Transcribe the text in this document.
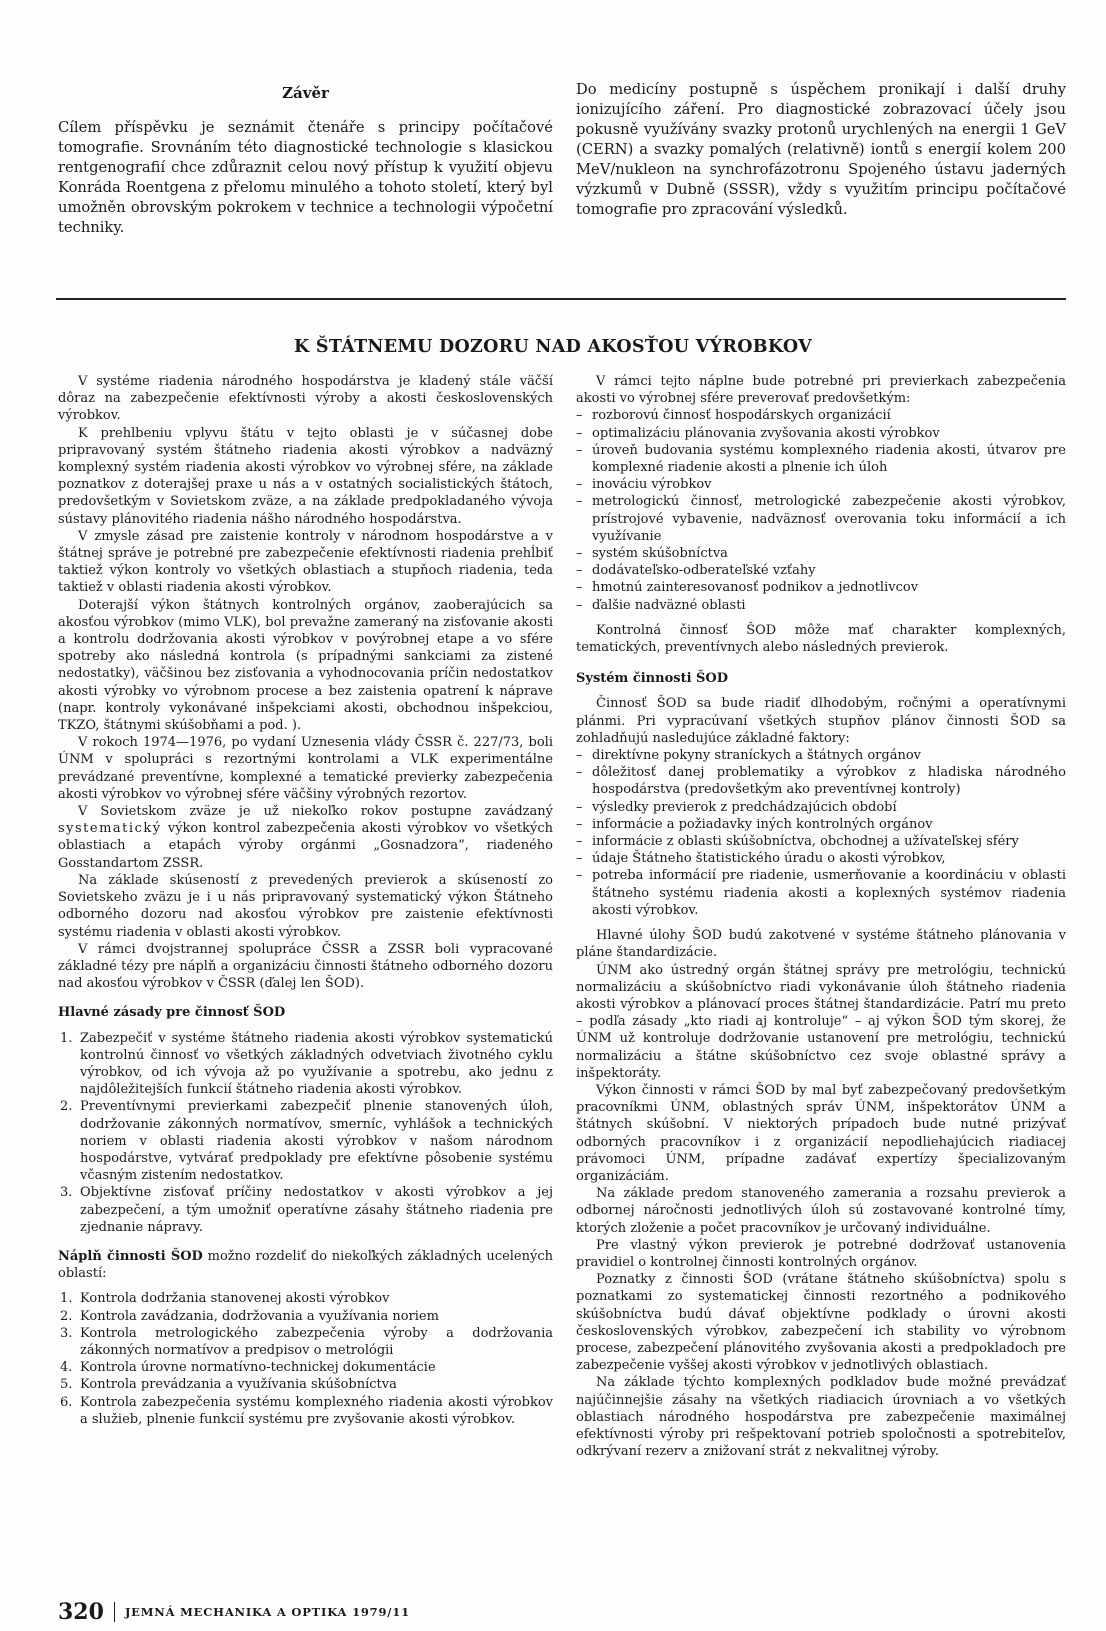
Závěr

Cílem příspěvku je seznámit čtenáře s principy počítačové tomografie. Srovnáním této diagnostické technologie s klasickou rentgenografií chce zdůraznit celou nový přístup k využití objevu Konráda Roentgena z přelomu minulého a tohoto století, který byl umožněn obrovským pokrokem v technice a technologii výpočetní techniky.

Do medicíny postupně s úspěchem pronikají i další druhy ionizujícího záření. Pro diagnostické zobrazovací účely jsou pokusně využívány svazky protonů urychlených na energii 1 GeV (CERN) a svazky pomalých (relativně) iontů s energií kolem 200 MeV/nukleon na synchrofázotronu Spojeného ústavu jaderných výzkumů v Dubně (SSSR), vždy s využitím principu počítačové tomografie pro zpracování výsledků.

K ŠTÁTNEMU DOZORU NAD AKOSŤOU VÝROBKOV

V systéme riadenia národného hospodárstva je kladený stále väčší dôraz na zabezpečenie efektívnosti výroby a akosti československých výrobkov.

K prehlbeniu vplyvu štátu v tejto oblasti je v súčasnej dobe pripravovaný systém štátneho riadenia akosti výrobkov a nadväzný komplexný systém riadenia akosti výrobkov vo výrobnej sfére, na základe poznatkov z doterajšej praxe u nás a v ostatných socialistických štátoch, predovšetkým v Sovietskom zväze, a na základe predpokladaného vývoja sústavy plánovitého riadenia nášho národného hospodárstva.

V zmysle zásad pre zaistenie kontroly v národnom hospodárstve a v štátnej správe je potrebné pre zabezpečenie efektívnosti riadenia prehĺbiť taktiež výkon kontroly vo všetkých oblastiach a stupňoch riadenia, teda taktiež v oblasti riadenia akosti výrobkov.

Doterajší výkon štátnych kontrolných orgánov, zaoberajúcich sa akosťou výrobkov (mimo VLK), bol prevažne zameraný na zisťovanie akosti a kontrolu dodržovania akosti výrobkov v povýrobnej etape a vo sfére spotreby ako následná kontrola (s prípadnými sankciami za zistené nedostatky), väčšinou bez zisťovania a vyhodnocovania príčin nedostatkov akosti výrobky vo výrobnom procese a bez zaistenia opatrení k náprave (napr. kontroly vykonávané inšpekciami akosti, obchodnou inšpekciou, TKZO, štátnymi skúšobňami a pod. ).

V rokoch 1974—1976, po vydaní Uznesenia vlády ČSSR č. 227/73, boli ÚNM v spolupráci s rezortnými kontrolami a VLK experimentálne prevádzané preventívne, komplexné a tematické previerky zabezpečenia akosti výrobkov vo výrobnej sfére väčšiny výrobných rezortov.

V Sovietskom zväze je už niekoľko rokov postupne zavádzaný systematický výkon kontrol zabezpečenia akosti výrobkov vo všetkých oblastiach a etapách výroby orgánmi „Gosnadzora“, riadeného Gosstandartom ZSSR.

Na základe skúseností z prevedených previerok a skúseností zo Sovietskeho zväzu je i u nás pripravovaný systematický výkon Štátneho odborného dozoru nad akosťou výrobkov pre zaistenie efektívnosti systému riadenia v oblasti akosti výrobkov.

V rámci dvojstrannej spolupráce ČSSR a ZSSR boli vypracované základné tézy pre náplň a organizáciu činnosti štátneho odborného dozoru nad akosťou výrobkov v ČSSR (ďalej len ŠOD).

Hlavné zásady pre činnosť ŠOD
1. Zabezpečiť v systéme štátneho riadenia akosti výrobkov systematickú kontrolnú činnosť vo všetkých základných odvetviach životného cyklu výrobkov, od ich vývoja až po využívanie a spotrebu, ako jednu z najdôležitejších funkcií štátneho riadenia akosti výrobkov.
2. Preventívnymi previerkami zabezpečiť plnenie stanovených úloh, dodržovanie zákonných normatívov, smerníc, vyhlášok a technických noriem v oblasti riadenia akosti výrobkov v našom národnom hospodárstve, vytvárať predpoklady pre efektívne pôsobenie systému včasným zistením nedostatkov.
3. Objektívne zisťovať príčiny nedostatkov v akosti výrobkov a jej zabezpečení, a tým umožniť operatívne zásahy štátneho riadenia pre zjednanie nápravy.

Náplň činnosti ŠOD možno rozdeliť do niekoľkých základných ucelených oblastí:

1. Kontrola dodržania stanovenej akosti výrobkov
2. Kontrola zavádzania, dodržovania a využívania noriem
3. Kontrola metrologického zabezpečenia výroby a dodržovania zákonných normatívov a predpisov o metrológii
4. Kontrola úrovne normatívno-technickej dokumentácie
5. Kontrola prevádzania a využívania skúšobníctva
6. Kontrola zabezpečenia systému komplexného riadenia akosti výrobkov a služieb, plnenie funkcií systému pre zvyšovanie akosti výrobkov.

V rámci tejto náplne bude potrebné pri previerkach zabezpečenia akosti vo výrobnej sfére preverovať predovšetkým:

– rozborovú činnosť hospodárskych organizácií
– optimalizáciu plánovania zvyšovania akosti výrobkov
– úroveň budovania systému komplexného riadenia akosti, útvarov pre komplexné riadenie akosti a plnenie ich úloh
– inováciu výrobkov
– metrologickú činnosť, metrologické zabezpečenie akosti výrobkov, prístrojové vybavenie, nadväznosť overovania toku informácií a ich využívanie
– systém skúšobníctva
– dodávateľsko-odberateľské vzťahy
– hmotnú zainteresovanosť podnikov a jednotlivcov
– ďalšie nadväzné oblasti

Kontrolná činnosť ŠOD môže mať charakter komplexných, tematických, preventívnych alebo následných previerok.

Systém činnosti ŠOD

Činnosť ŠOD sa bude riadiť dlhodobým, ročnými a operatívnymi plánmi. Pri vypracúvaní všetkých stupňov plánov činnosti ŠOD sa zohladňujú nasledujúce základné faktory:

– direktívne pokyny straníckych a štátnych orgánov
– dôležitosť danej problematiky a výrobkov z hladiska národného hospodárstva (predovšetkým ako preventívnej kontroly)
– výsledky previerok z predchádzajúcich období
– informácie a požiadavky iných kontrolných orgánov
– informácie z oblasti skúšobníctva, obchodnej a užívateľskej sféry
– údaje Štátneho štatistického úradu o akosti výrobkov,
– potreba informácií pre riadenie, usmerňovanie a koordináciu v oblasti štátneho systému riadenia akosti a koplexných systémov riadenia akosti výrobkov.

Hlavné úlohy ŠOD budú zakotvené v systéme štátneho plánovania v pláne štandardizácie.

ÚNM ako ústredný orgán štátnej správy pre metrológiu, technickú normalizáciu a skúšobníctvo riadi vykonávanie úloh štátneho riadenia akosti výrobkov a plánovací proces štátnej štandardizácie. Patrí mu preto – podľa zásady „kto riadi aj kontroluje“ – aj výkon ŠOD tým skorej, že ÚNM už kontroluje dodržovanie ustanovení pre metrológiu, technickú normalizáciu a štátne skúšobníctvo cez svoje oblastné správy a inšpektoráty.

Výkon činnosti v rámci ŠOD by mal byť zabezpečovaný predovšetkým pracovníkmi ÚNM, oblastných správ ÚNM, inšpektorátov ÚNM a štátnych skúšobní. V niektorých prípadoch bude nutné prizývať odborných pracovníkov i z organizácií nepodliehajúcich riadiacej právomoci ÚNM, prípadne zadávať expertízy špecializovaným organizáciám.

Na základe predom stanoveného zamerania a rozsahu previerok a odbornej náročnosti jednotlivých úloh sú zostavované kontrolné tímy, ktorých zloženie a počet pracovníkov je určovaný individuálne.

Pre vlastný výkon previerok je potrebné dodržovať ustanovenia pravidiel o kontrolnej činnosti kontrolných orgánov.

Poznatky z činnosti ŠOD (vrátane štátneho skúšobníctva) spolu s poznatkami zo systematickej činnosti rezortného a podnikového skúšobníctva budú dávať objektívne podklady o úrovni akosti československých výrobkov, zabezpečení ich stability vo výrobnom procese, zabezpečení plánovitého zvyšovania akosti a predpokladoch pre zabezpečenie vyššej akosti výrobkov v jednotlivých oblastiach.

Na základe týchto komplexných podkladov bude možné prevádzať najúčinnejšie zásahy na všetkých riadiacich úrovniach a vo všetkých oblastiach národného hospodárstva pre zabezpečenie maximálnej efektívnosti výroby pri rešpektovaní potrieb spoločnosti a spotrebiteľov, odkrývaní rezerv a znižovaní strát z nekvalitnej výroby.

320 JEMNÁ MECHANIKA A OPTIKA 1979/11
